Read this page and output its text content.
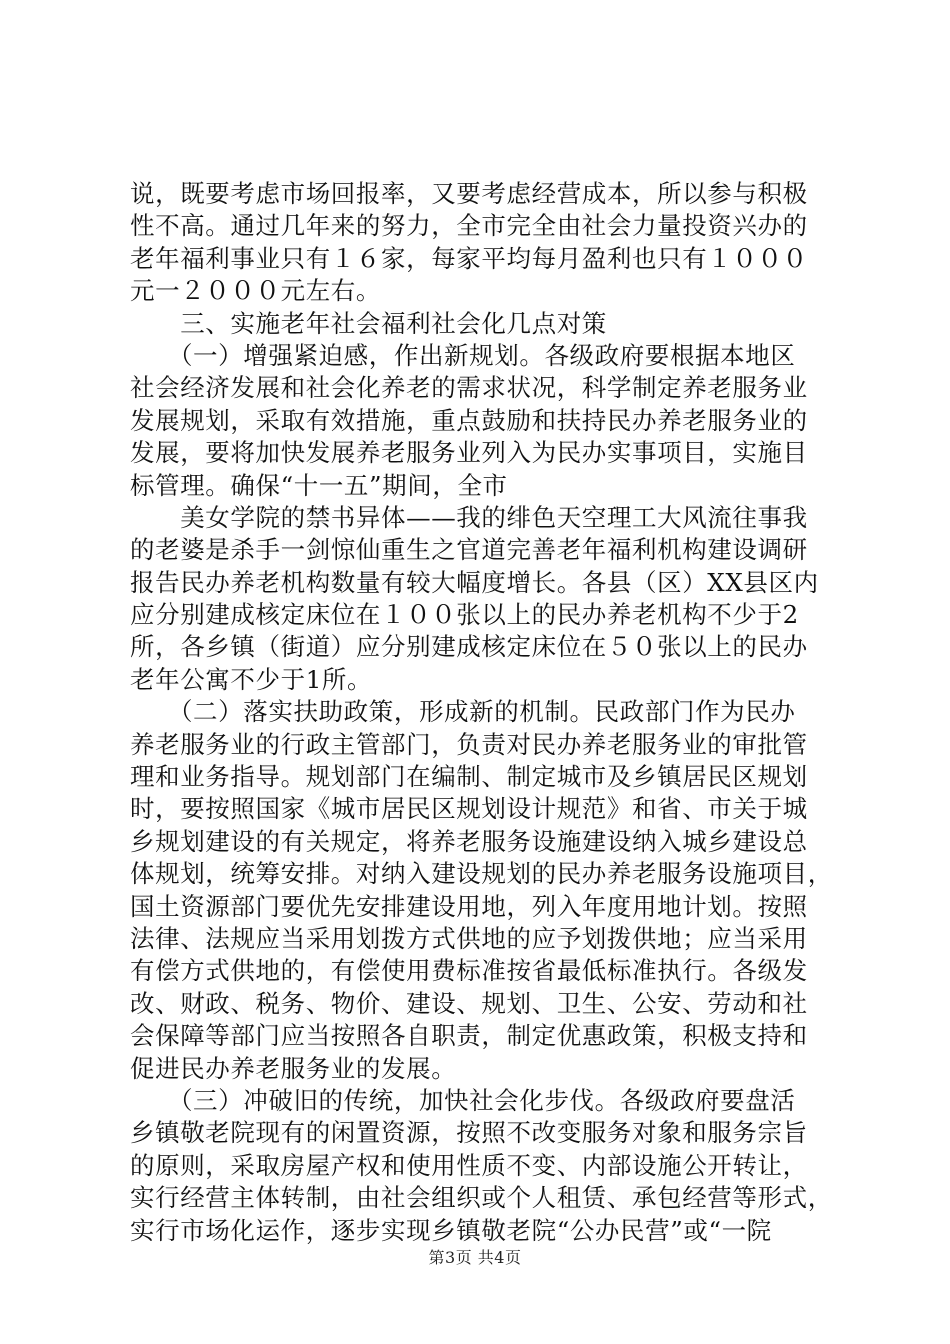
说，既要考虑市场回报率，又要考虑经营成本，所以参与积极
性不高。通过几年来的努力，全市完全由社会力量投资兴办的
老年福利事业只有１６家，每家平均每月盈利也只有１０００
元一２０００元左右。
　　三、实施老年社会福利社会化几点对策
　　（一）增强紧迫感，作出新规划。各级政府要根据本地区
社会经济发展和社会化养老的需求状况，科学制定养老服务业
发展规划，采取有效措施，重点鼓励和扶持民办养老服务业的
发展，要将加快发展养老服务业列入为民办实事项目，实施目
标管理。确保“十一五”期间，全市
　　美女学院的禁书异体——我的绯色天空理工大风流往事我
的老婆是杀手一剑惊仙重生之官道完善老年福利机构建设调研
报告民办养老机构数量有较大幅度增长。各县（区）XX县区内
应分别建成核定床位在１００张以上的民办养老机构不少于2
所，各乡镇（街道）应分别建成核定床位在５０张以上的民办
老年公寓不少于1所。
　　（二）落实扶助政策，形成新的机制。民政部门作为民办
养老服务业的行政主管部门，负责对民办养老服务业的审批管
理和业务指导。规划部门在编制、制定城市及乡镇居民区规划
时，要按照国家《城市居民区规划设计规范》和省、市关于城
乡规划建设的有关规定，将养老服务设施建设纳入城乡建设总
体规划，统筹安排。对纳入建设规划的民办养老服务设施项目，
国土资源部门要优先安排建设用地，列入年度用地计划。按照
法律、法规应当采用划拨方式供地的应予划拨供地；应当采用
有偿方式供地的，有偿使用费标准按省最低标准执行。各级发
改、财政、税务、物价、建设、规划、卫生、公安、劳动和社
会保障等部门应当按照各自职责，制定优惠政策，积极支持和
促进民办养老服务业的发展。
　　（三）冲破旧的传统，加快社会化步伐。各级政府要盘活
乡镇敬老院现有的闲置资源，按照不改变服务对象和服务宗旨
的原则，采取房屋产权和使用性质不变、内部设施公开转让，
实行经营主体转制，由社会组织或个人租赁、承包经营等形式，
实行市场化运作，逐步实现乡镇敬老院“公办民营”或“一院
第3页 共4页
